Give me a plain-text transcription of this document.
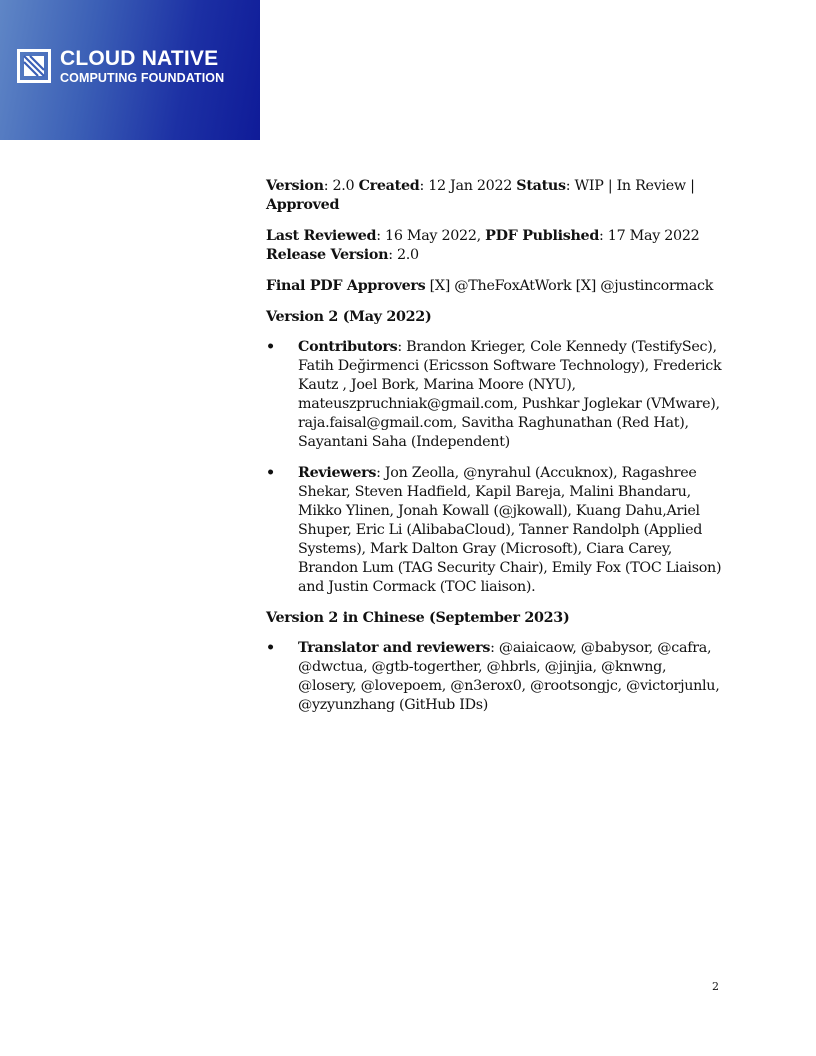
CLOUD NATIVE
COMPUTING FOUNDATION

Version: 2.0 Created: 12 Jan 2022 Status: WIP | In Review | Approved

Last Reviewed: 16 May 2022, PDF Published: 17 May 2022
Release Version: 2.0

Final PDF Approvers [X] @TheFoxAtWork [X] @justincormack

Version 2 (May 2022)
•	Contributors: Brandon Krieger, Cole Kennedy (TestifySec), Fatih Değirmenci (Ericsson Software Technology), Frederick Kautz , Joel Bork, Marina Moore (NYU), mateuszpruchniak@gmail.com, Pushkar Joglekar (VMware), raja.faisal@gmail.com, Savitha Raghunathan (Red Hat), Sayantani Saha (Independent)
•	Reviewers: Jon Zeolla, @nyrahul (Accuknox), Ragashree Shekar, Steven Hadfield, Kapil Bareja, Malini Bhandaru, Mikko Ylinen, Jonah Kowall (@jkowall), Kuang Dahu,Ariel Shuper, Eric Li (AlibabaCloud), Tanner Randolph (Applied Systems), Mark Dalton Gray (Microsoft), Ciara Carey, Brandon Lum (TAG Security Chair), Emily Fox (TOC Liaison) and Justin Cormack (TOC liaison).
Version 2 in Chinese (September 2023)
•	Translator and reviewers: @aiaicaow, @babysor, @cafra, @dwctua, @gtb-togerther, @hbrls, @jinjia, @knwng, @losery, @lovepoem, @n3erox0, @rootsongjc, @victorjunlu, @yzyunzhang (GitHub IDs)
2
